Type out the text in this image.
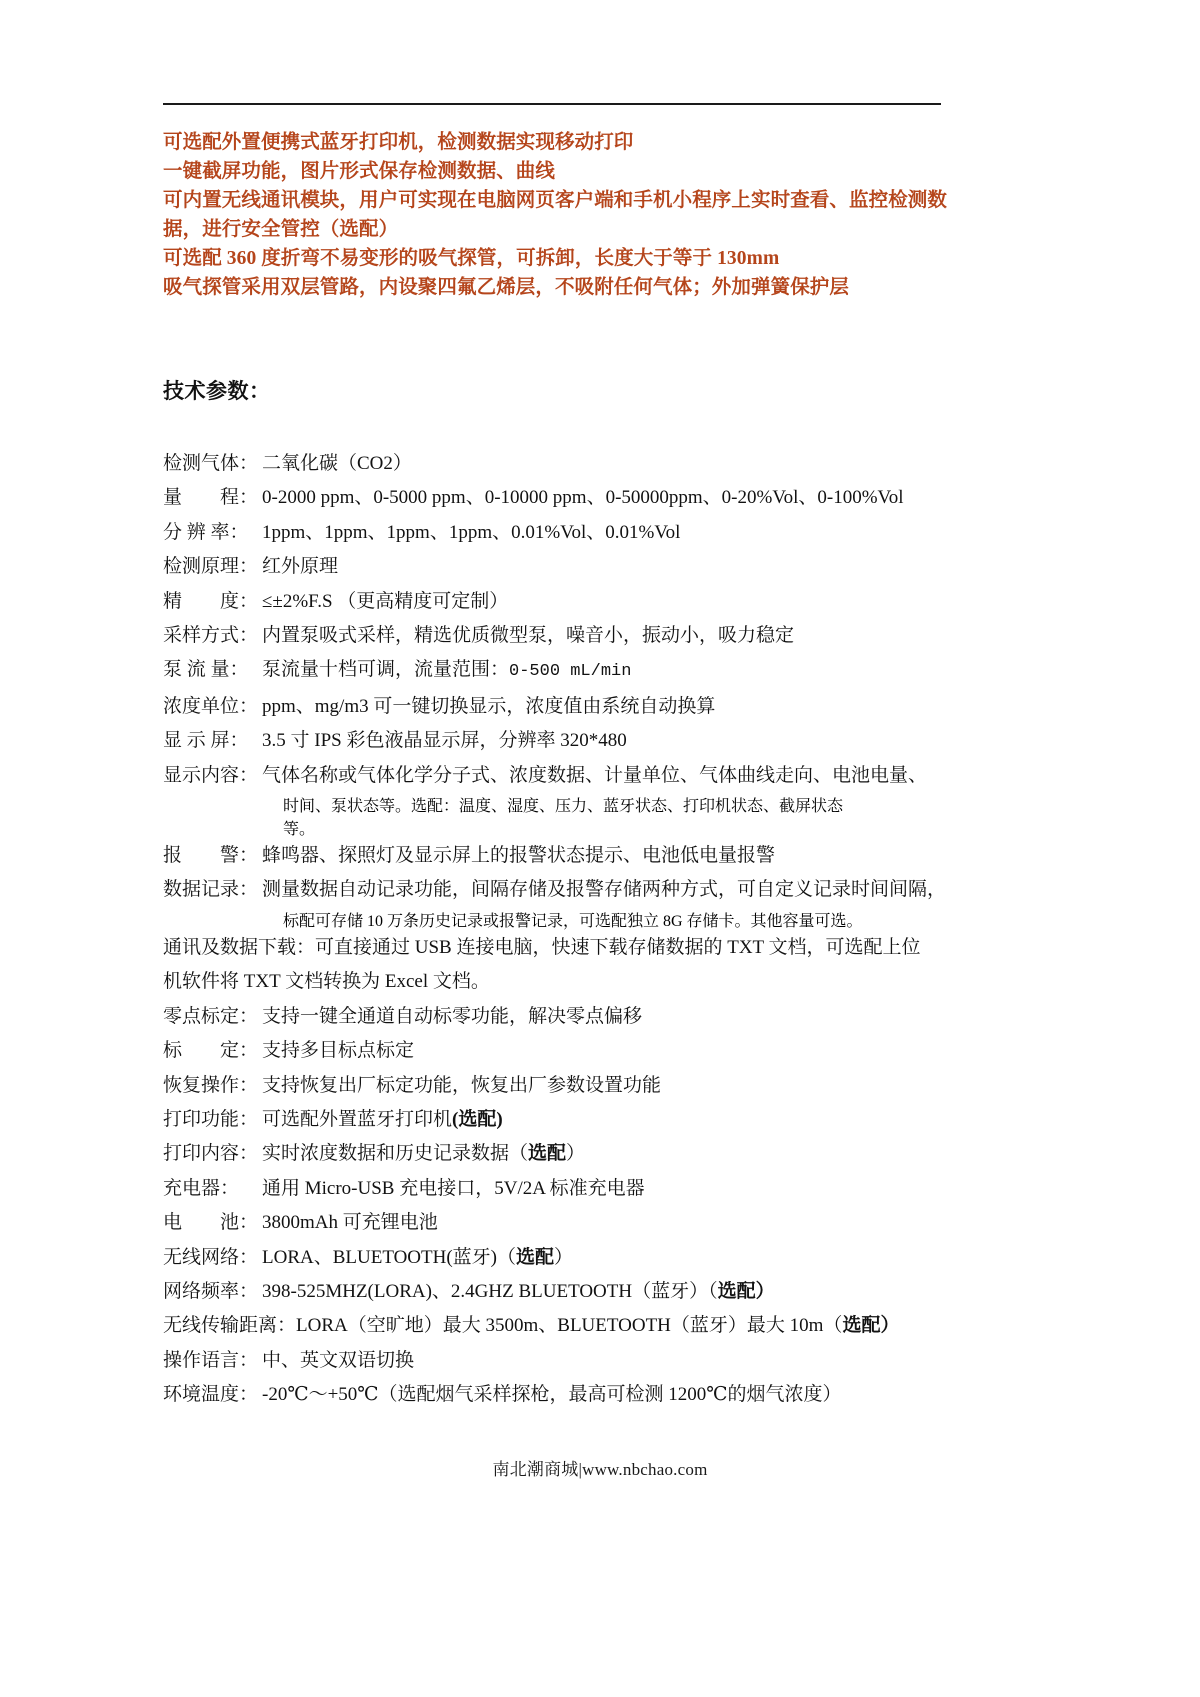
可选配外置便携式蓝牙打印机，检测数据实现移动打印
一键截屏功能，图片形式保存检测数据、曲线
可内置无线通讯模块，用户可实现在电脑网页客户端和手机小程序上实时查看、监控检测数据，进行安全管控（选配）
可选配 360 度折弯不易变形的吸气探管，可拆卸，长度大于等于 130mm
吸气探管采用双层管路，内设聚四氟乙烯层，不吸附任何气体；外加弹簧保护层
技术参数：
检测气体： 二氧化碳（CO2）
量　　程： 0-2000 ppm、0-5000 ppm、0-10000 ppm、0-50000ppm、0-20%Vol、0-100%Vol
分 辨 率：1ppm、1ppm、1ppm、1ppm、0.01%Vol、0.01%Vol
检测原理：红外原理
精　　度： ≤±2%F.S （更高精度可定制）
采样方式： 内置泵吸式采样，精选优质微型泵，噪音小，振动小，吸力稳定
泵 流 量： 泵流量十档可调，流量范围：0-500 mL/min
浓度单位： ppm、mg/m3 可一键切换显示，浓度值由系统自动换算
显 示 屏： 3.5 寸 IPS 彩色液晶显示屏，分辨率 320*480
显示内容： 气体名称或气体化学分子式、浓度数据、计量单位、气体曲线走向、电池电量、
时间、泵状态等。选配：温度、湿度、压力、蓝牙状态、打印机状态、截屏状态
等。
报　　警： 蜂鸣器、探照灯及显示屏上的报警状态提示、电池低电量报警
数据记录： 测量数据自动记录功能，间隔存储及报警存储两种方式，可自定义记录时间间隔，
标配可存储 10 万条历史记录或报警记录，可选配独立 8G 存储卡。其他容量可选。
通讯及数据下载：可直接通过 USB 连接电脑，快速下载存储数据的 TXT 文档，可选配上位
机软件将 TXT 文档转换为 Excel 文档。
零点标定： 支持一键全通道自动标零功能，解决零点偏移
标　　定： 支持多目标点标定
恢复操作： 支持恢复出厂标定功能，恢复出厂参数设置功能
打印功能：可选配外置蓝牙打印机(选配)
打印内容： 实时浓度数据和历史记录数据（选配）
充电器： 通用 Micro-USB 充电接口，5V/2A 标准充电器
电　　池： 3800mAh 可充锂电池
无线网络： LORA、BLUETOOTH(蓝牙)（选配）
网络频率： 398-525MHZ(LORA)、2.4GHZ BLUETOOTH（蓝牙）（选配）
无线传输距离：LORA（空旷地）最大 3500m、BLUETOOTH（蓝牙）最大 10m（选配）
操作语言： 中、英文双语切换
环境温度： -20℃～+50℃（选配烟气采样探枪，最高可检测 1200℃的烟气浓度）
南北潮商城|www.nbchao.com
